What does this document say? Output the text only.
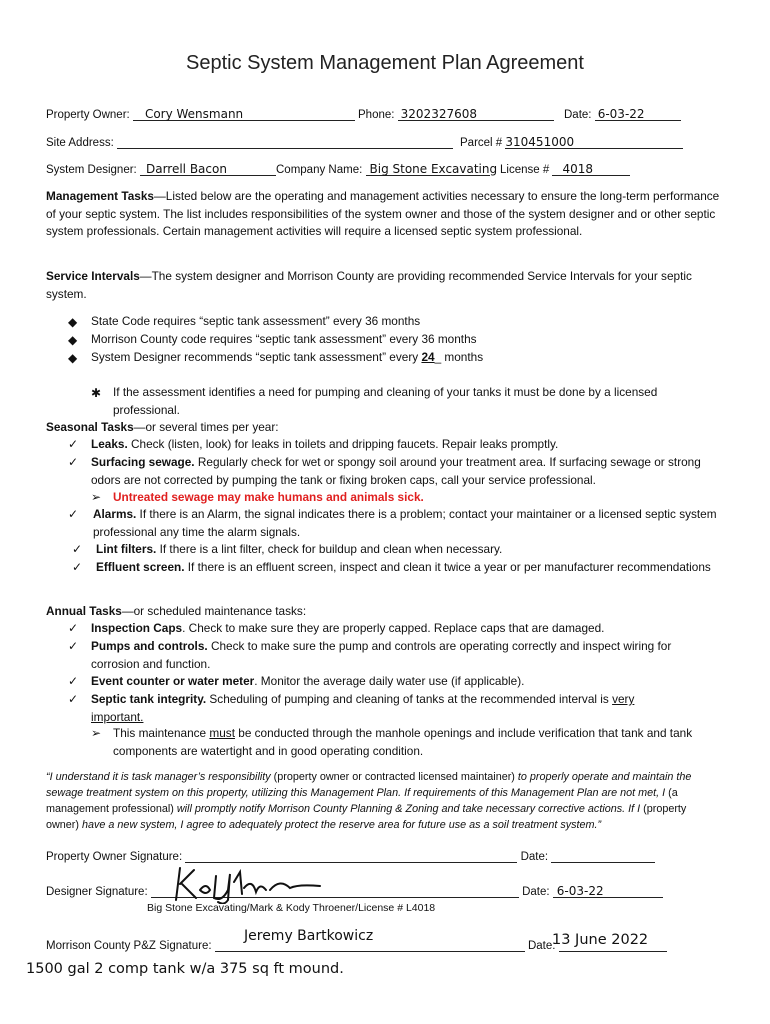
Septic System Management Plan Agreement
Property Owner: Cory Wensmann	Phone: 3202327608	Date: 6-03-22
Site Address:	Parcel # 310451000
System Designer: Darrell Bacon	Company Name: Big Stone Excavating License # 4018
Management Tasks—Listed below are the operating and management activities necessary to ensure the long-term performance of your septic system. The list includes responsibilities of the system owner and those of the system designer and or other septic system professionals. Certain management activities will require a licensed septic system professional.
Service Intervals—The system designer and Morrison County are providing recommended Service Intervals for your septic system.
◆ State Code requires “septic tank assessment” every 36 months
◆ Morrison County code requires “septic tank assessment” every 36 months
◆ System Designer recommends “septic tank assessment” every 24_ months
✱ If the assessment identifies a need for pumping and cleaning of your tanks it must be done by a licensed professional.
Seasonal Tasks—or several times per year:
✓ Leaks. Check (listen, look) for leaks in toilets and dripping faucets. Repair leaks promptly.
✓ Surfacing sewage. Regularly check for wet or spongy soil around your treatment area. If surfacing sewage or strong odors are not corrected by pumping the tank or fixing broken caps, call your service professional.
➢ Untreated sewage may make humans and animals sick.
✓ Alarms. If there is an Alarm, the signal indicates there is a problem; contact your maintainer or a licensed septic system professional any time the alarm signals.
✓ Lint filters. If there is a lint filter, check for buildup and clean when necessary.
✓ Effluent screen. If there is an effluent screen, inspect and clean it twice a year or per manufacturer recommendations
Annual Tasks—or scheduled maintenance tasks:
✓ Inspection Caps. Check to make sure they are properly capped. Replace caps that are damaged.
✓ Pumps and controls. Check to make sure the pump and controls are operating correctly and inspect wiring for corrosion and function.
✓ Event counter or water meter. Monitor the average daily water use (if applicable).
✓ Septic tank integrity. Scheduling of pumping and cleaning of tanks at the recommended interval is very important.
➢ This maintenance must be conducted through the manhole openings and include verification that tank and tank components are watertight and in good operating condition.
“I understand it is task manager’s responsibility (property owner or contracted licensed maintainer) to properly operate and maintain the sewage treatment system on this property, utilizing this Management Plan. If requirements of this Management Plan are not met, I (a management professional) will promptly notify Morrison County Planning & Zoning and take necessary corrective actions. If I (property owner) have a new system, I agree to adequately protect the reserve area for future use as a soil treatment system.”
Property Owner Signature:	Date:
Designer Signature:	Date: 6-03-22
Big Stone Excavating/Mark & Kody Throener/License # L4018
Morrison County P&Z Signature:	Date:
Jeremy Bartkowicz	13 June 2022
1500 gal 2 comp tank w/a 375 sq ft mound.
